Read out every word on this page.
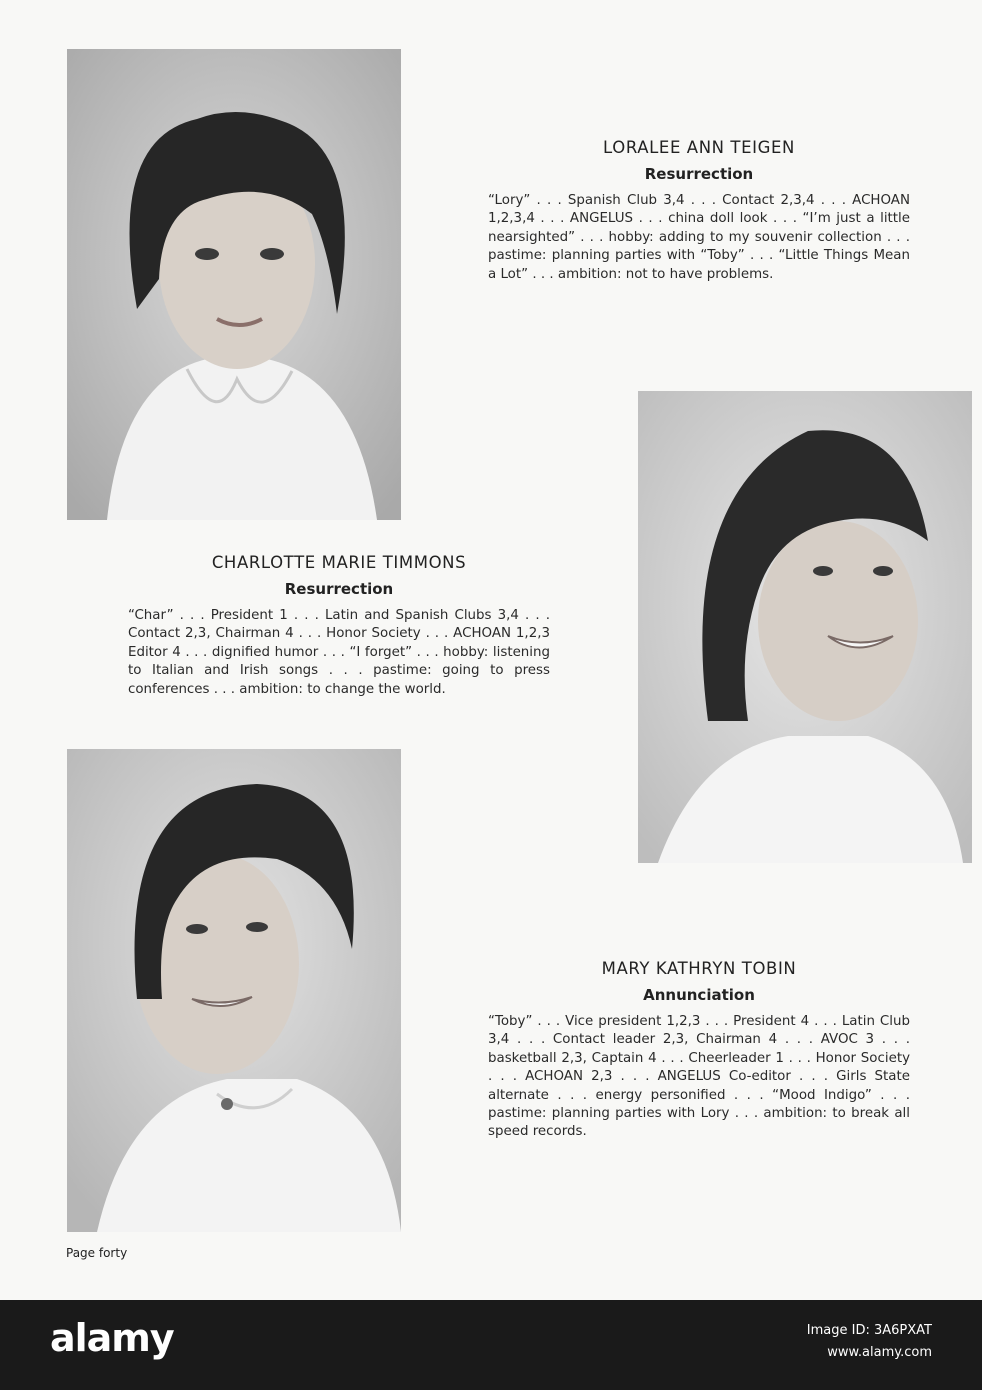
LORALEE ANN TEIGEN
Resurrection

“Lory” . . . Spanish Club 3,4 . . . Contact 2,3,4 . . . ACHOAN 1,2,3,4 . . . ANGELUS . . . china doll look . . . “I’m just a little nearsighted” . . . hobby: adding to my souvenir collection . . . pastime: planning parties with “Toby” . . . “Little Things Mean a Lot” . . . ambition: not to have problems.

CHARLOTTE MARIE TIMMONS
Resurrection

“Char” . . . President 1 . . . Latin and Spanish Clubs 3,4 . . . Contact 2,3, Chairman 4 . . . Honor Society . . . ACHOAN 1,2,3 Editor 4 . . . dignified humor . . . “I forget” . . . hobby: listening to Italian and Irish songs . . . pastime: going to press conferences . . . ambition: to change the world.

MARY KATHRYN TOBIN
Annunciation

“Toby” . . . Vice president 1,2,3 . . . President 4 . . . Latin Club 3,4 . . . Contact leader 2,3, Chairman 4 . . . AVOC 3 . . . basketball 2,3, Captain 4 . . . Cheerleader 1 . . . Honor Society . . . ACHOAN 2,3 . . . ANGELUS Co-editor . . . Girls State alternate . . . energy personified . . . “Mood Indigo” . . . pastime: planning parties with Lory . . . ambition: to break all speed records.

Page forty
alamy	Image ID: 3A6PXAT
www.alamy.com
